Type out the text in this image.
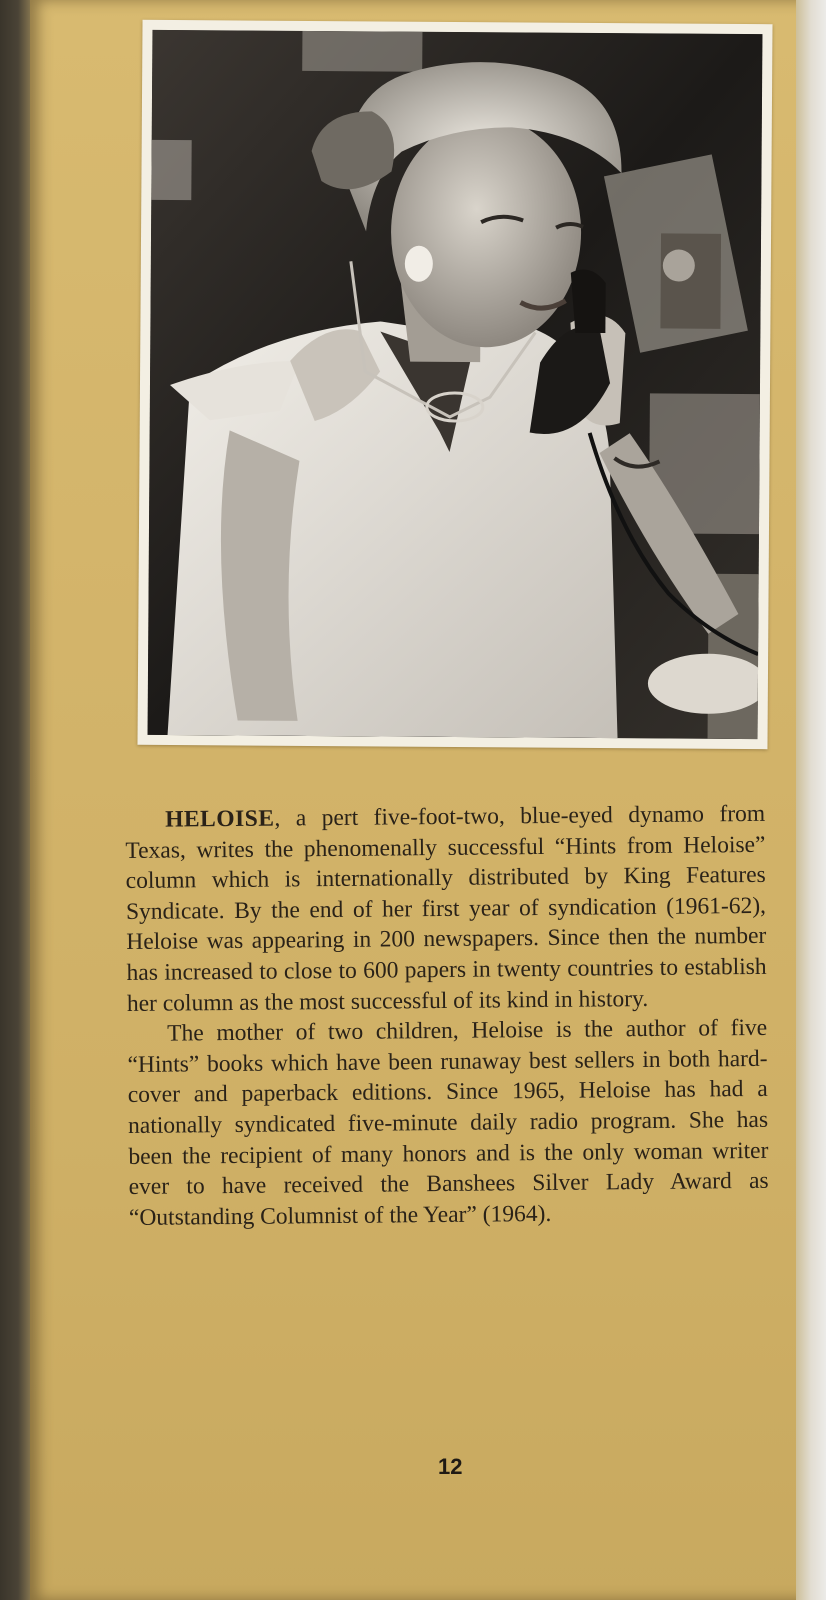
HELOISE, a pert five-foot-two, blue-eyed dynamo from Texas, writes the phenomenally successful “Hints from Heloise” column which is internationally distributed by King Features Syndicate. By the end of her first year of syndication (1961-62), Heloise was appearing in 200 newspapers. Since then the number has increased to close to 600 papers in twenty countries to establish her column as the most successful of its kind in history.

The mother of two children, Heloise is the author of five “Hints” books which have been runaway best sellers in both hard-cover and paperback editions. Since 1965, Heloise has had a nationally syndicated five-minute daily radio program. She has been the recipient of many honors and is the only woman writer ever to have received the Banshees Silver Lady Award as “Outstanding Columnist of the Year” (1964).

12
